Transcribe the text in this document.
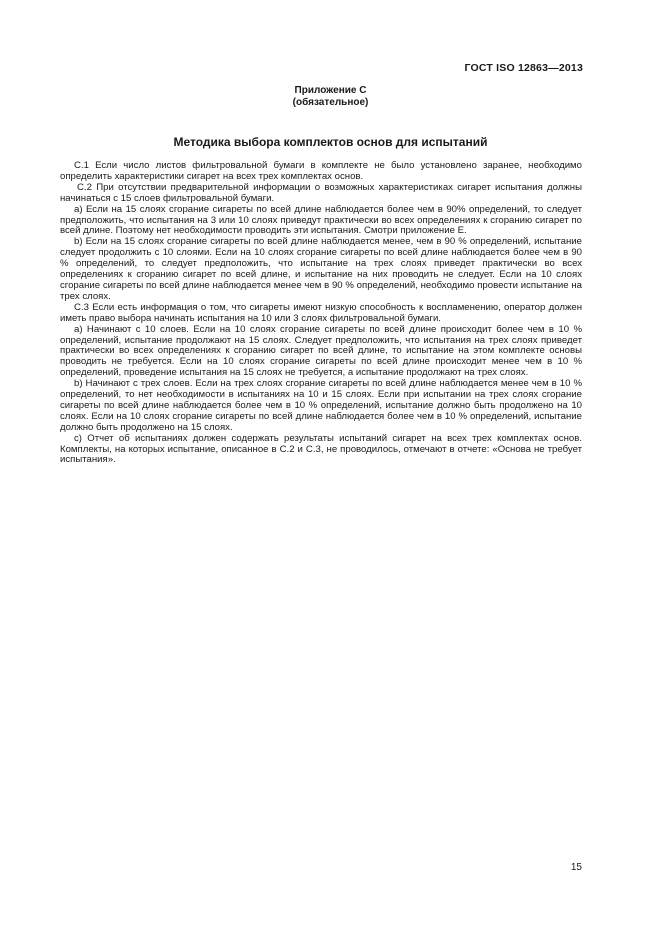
ГОСТ ISO 12863—2013
Приложение С
(обязательное)
Методика выбора комплектов основ для испытаний

С.1 Если число листов фильтровальной бумаги в комплекте не было установлено заранее, необходимо определить характеристики сигарет на всех трех комплектах основ.

С.2 При отсутствии предварительной информации о возможных характеристиках сигарет испытания должны начинаться с 15 слоев фильтровальной бумаги.

а) Если на 15 слоях сгорание сигареты по всей длине наблюдается более чем в 90% определений, то следует предположить, что испытания на 3 или 10 слоях приведут практически во всех определениях к сгоранию сигарет по всей длине. Поэтому нет необходимости проводить эти испытания. Смотри приложение Е.

b) Если на 15 слоях сгорание сигареты по всей длине наблюдается менее, чем в 90 % определений, испытание следует продолжить с 10 слоями. Если на 10 слоях сгорание сигареты по всей длине наблюдается более чем в 90 % определений, то следует предположить, что испытание на трех слоях приведет практически во всех определениях к сгоранию сигарет по всей длине, и испытание на них проводить не следует. Если на 10 слоях сгорание сигареты по всей длине наблюдается менее чем в 90 % определений, необходимо провести испытание на трех слоях.

С.3 Если есть информация о том, что сигареты имеют низкую способность к воспламенению, оператор должен иметь право выбора начинать испытания на 10 или 3 слоях фильтровальной бумаги.

а) Начинают с 10 слоев. Если на 10 слоях сгорание сигареты по всей длине происходит более чем в 10 % определений, испытание продолжают на 15 слоях. Следует предположить, что испытания на трех слоях приведет практически во всех определениях к сгоранию сигарет по всей длине, то испытание на этом комплекте основы проводить не требуется. Если на 10 слоях сгорание сигареты по всей длине происходит менее чем в 10 % определений, проведение испытания на 15 слоях не требуется, а испытание продолжают на трех слоях.

b) Начинают с трех слоев. Если на трех слоях сгорание сигареты по всей длине наблюдается менее чем в 10 % определений, то нет необходимости в испытаниях на 10 и 15 слоях. Если при испытании на трех слоях сгорание сигареты по всей длине наблюдается более чем в 10 % определений, испытание должно быть продолжено на 10 слоях. Если на 10 слоях сгорание сигареты по всей длине наблюдается более чем в 10 % определений, испытание должно быть продолжено на 15 слоях.

с) Отчет об испытаниях должен содержать результаты испытаний сигарет на всех трех комплектах основ. Комплекты, на которых испытание, описанное в С.2 и С.3, не проводилось, отмечают в отчете: «Основа не требует испытания».

15
